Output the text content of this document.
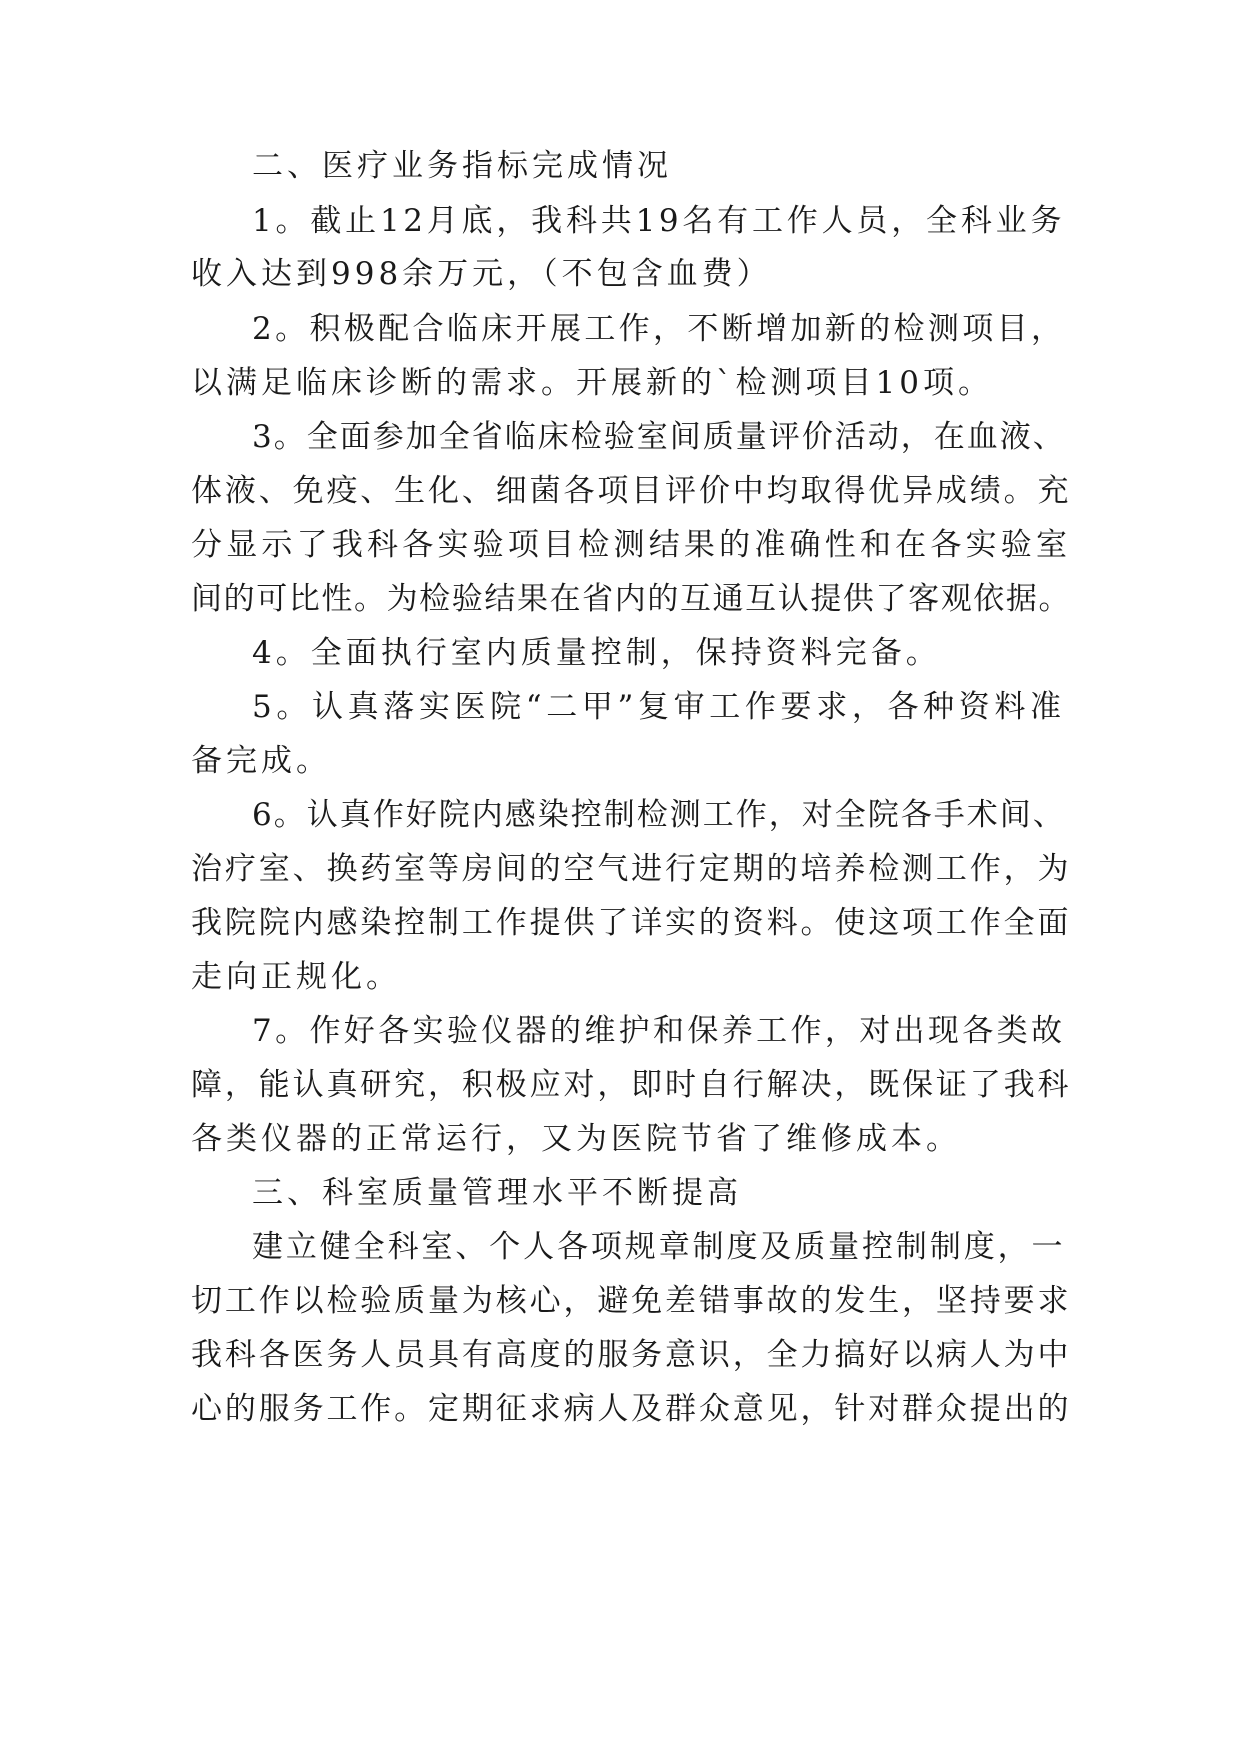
二、医疗业务指标完成情况
1。截止12月底，我科共19名有工作人员，全科业务
收入达到998余万元，（不包含血费）
2。积极配合临床开展工作，不断增加新的检测项目，
以满足临床诊断的需求。开展新的`检测项目10项。
3。全面参加全省临床检验室间质量评价活动，在血液、
体液、免疫、生化、细菌各项目评价中均取得优异成绩。充
分显示了我科各实验项目检测结果的准确性和在各实验室
间的可比性。为检验结果在省内的互通互认提供了客观依据。
4。全面执行室内质量控制，保持资料完备。
5。认真落实医院“二甲”复审工作要求，各种资料准
备完成。
6。认真作好院内感染控制检测工作，对全院各手术间、
治疗室、换药室等房间的空气进行定期的培养检测工作，为
我院院内感染控制工作提供了详实的资料。使这项工作全面
走向正规化。
7。作好各实验仪器的维护和保养工作，对出现各类故
障，能认真研究，积极应对，即时自行解决，既保证了我科
各类仪器的正常运行，又为医院节省了维修成本。
三、科室质量管理水平不断提高
建立健全科室、个人各项规章制度及质量控制制度，一
切工作以检验质量为核心，避免差错事故的发生，坚持要求
我科各医务人员具有高度的服务意识，全力搞好以病人为中
心的服务工作。定期征求病人及群众意见，针对群众提出的
